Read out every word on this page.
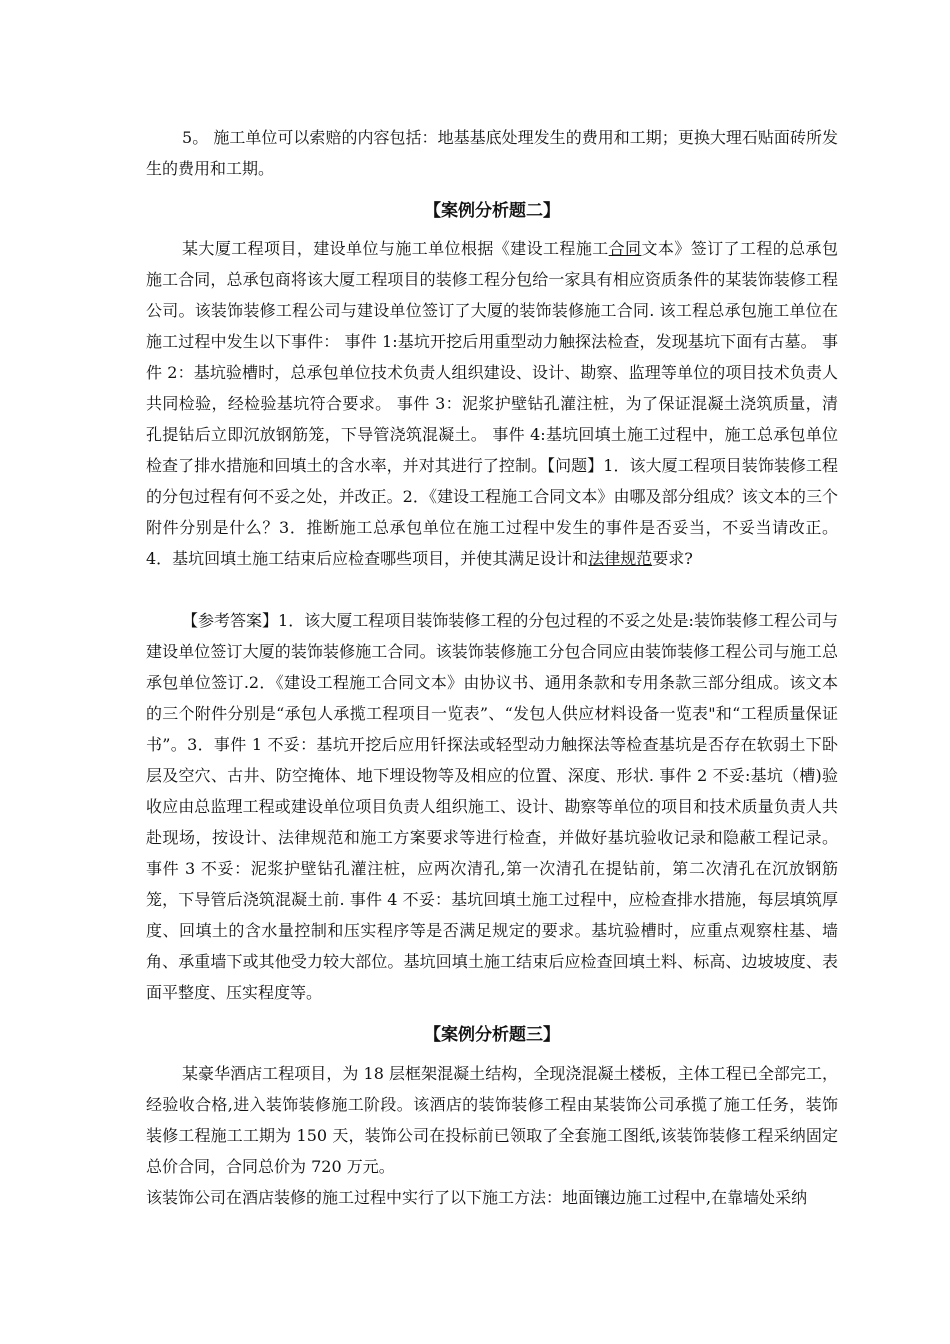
5。 施工单位可以索赔的内容包括：地基基底处理发生的费用和工期；更换大理石贴面砖所发生的费用和工期。
【案例分析题二】
某大厦工程项目，建设单位与施工单位根据《建设工程施工合同文本》签订了工程的总承包施工合同，总承包商将该大厦工程项目的装修工程分包给一家具有相应资质条件的某装饰装修工程公司。该装饰装修工程公司与建设单位签订了大厦的装饰装修施工合同. 该工程总承包施工单位在施工过程中发生以下事件： 事件 1:基坑开挖后用重型动力触探法检查，发现基坑下面有古墓。 事件 2：基坑验槽时，总承包单位技术负责人组织建设、设计、勘察、监理等单位的项目技术负责人共同检验，经检验基坑符合要求。 事件 3：泥浆护壁钻孔灌注桩，为了保证混凝土浇筑质量，清孔提钻后立即沉放钢筋笼，下导管浇筑混凝土。 事件 4:基坑回填土施工过程中，施工总承包单位检查了排水措施和回填土的含水率，并对其进行了控制。【问题】1．该大厦工程项目装饰装修工程的分包过程有何不妥之处，并改正。2．《建设工程施工合同文本》由哪及部分组成？该文本的三个附件分别是什么？3．推断施工总承包单位在施工过程中发生的事件是否妥当，不妥当请改正。4．基坑回填土施工结束后应检查哪些项目，并使其满足设计和法律规范要求?
【参考答案】1．该大厦工程项目装饰装修工程的分包过程的不妥之处是:装饰装修工程公司与建设单位签订大厦的装饰装修施工合同。该装饰装修施工分包合同应由装饰装修工程公司与施工总承包单位签订.2．《建设工程施工合同文本》由协议书、通用条款和专用条款三部分组成。该文本的三个附件分别是“承包人承揽工程项目一览表”、“发包人供应材料设备一览表"和“工程质量保证书”。3．事件 1 不妥：基坑开挖后应用钎探法或轻型动力触探法等检查基坑是否存在软弱土下卧层及空穴、古井、防空掩体、地下埋设物等及相应的位置、深度、形状. 事件 2 不妥:基坑（槽)验收应由总监理工程或建设单位项目负责人组织施工、设计、勘察等单位的项目和技术质量负责人共赴现场，按设计、法律规范和施工方案要求等进行检查，并做好基坑验收记录和隐蔽工程记录。 事件 3 不妥：泥浆护壁钻孔灌注桩，应两次清孔,第一次清孔在提钻前，第二次清孔在沉放钢筋笼，下导管后浇筑混凝土前. 事件 4 不妥：基坑回填土施工过程中，应检查排水措施，每层填筑厚度、回填土的含水量控制和压实程序等是否满足规定的要求。基坑验槽时，应重点观察柱基、墙角、承重墙下或其他受力较大部位。基坑回填土施工结束后应检查回填土料、标高、边坡坡度、表面平整度、压实程度等。
【案例分析题三】
某豪华酒店工程项目，为 18 层框架混凝土结构，全现浇混凝土楼板，主体工程已全部完工，经验收合格,进入装饰装修施工阶段。该酒店的装饰装修工程由某装饰公司承揽了施工任务，装饰装修工程施工工期为 150 天，装饰公司在投标前已领取了全套施工图纸,该装饰装修工程采纳固定总价合同，合同总价为 720 万元。
该装饰公司在酒店装修的施工过程中实行了以下施工方法：地面镶边施工过程中,在靠墙处采纳
